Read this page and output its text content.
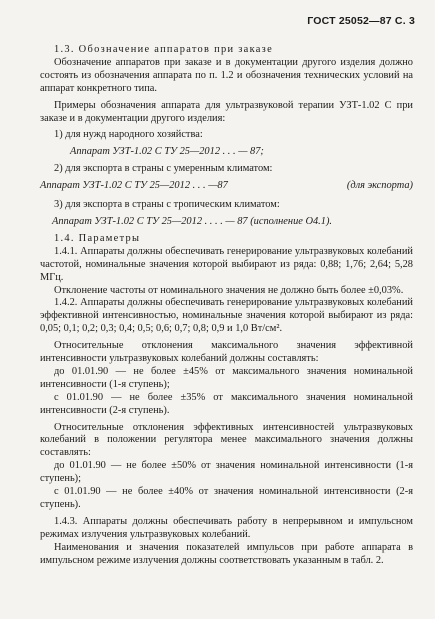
ГОСТ 25052—87 С. 3

1.3. Обозначение аппаратов при заказе

Обозначение аппаратов при заказе и в документации другого изделия должно состоять из обозначения аппарата по п. 1.2 и обозначения технических условий на аппарат конкретного типа.

Примеры обозначения аппарата для ультразвуковой терапии УЗТ-1.02 С при заказе и в документации другого изделия:

1) для нужд народного хозяйства:

Аппарат УЗТ-1.02 С ТУ 25—2012 . . . — 87;

2) для экспорта в страны с умеренным климатом:

Аппарат УЗТ-1.02 С ТУ 25—2012 . . . —87	(для экспорта)

3) для экспорта в страны с тропическим климатом:

Аппарат УЗТ-1.02 С ТУ 25—2012 . . . . — 87 (исполнение О4.1).

1.4. Параметры

1.4.1. Аппараты должны обеспечивать генерирование ультразвуковых колебаний частотой, номинальные значения которой выбирают из ряда: 0,88; 1,76; 2,64; 5,28 МГц.

Отклонение частоты от номинального значения не должно быть более ±0,03%.

1.4.2. Аппараты должны обеспечивать генерирование ультразвуковых колебаний эффективной интенсивностью, номинальные значения которой выбирают из ряда: 0,05; 0,1; 0,2; 0,3; 0,4; 0,5; 0,6; 0,7; 0,8; 0,9 и 1,0 Вт/см².

Относительные отклонения максимального значения эффективной интенсивности ультразвуковых колебаний должны составлять:

до 01.01.90 — не более ±45% от максимального значения номинальной интенсивности (1-я ступень);

с 01.01.90 — не более ±35% от максимального значения номинальной интенсивности (2-я ступень).

Относительные отклонения эффективных интенсивностей ультразвуковых колебаний в положении регулятора менее максимального значения должны составлять:

до 01.01.90 — не более ±50% от значения номинальной интенсивности (1-я ступень);

с 01.01.90 — не более ±40% от значения номинальной интенсивности (2-я ступень).

1.4.3. Аппараты должны обеспечивать работу в непрерывном и импульсном режимах излучения ультразвуковых колебаний.

Наименования и значения показателей импульсов при работе аппарата в импульсном режиме излучения должны соответствовать указанным в табл. 2.
